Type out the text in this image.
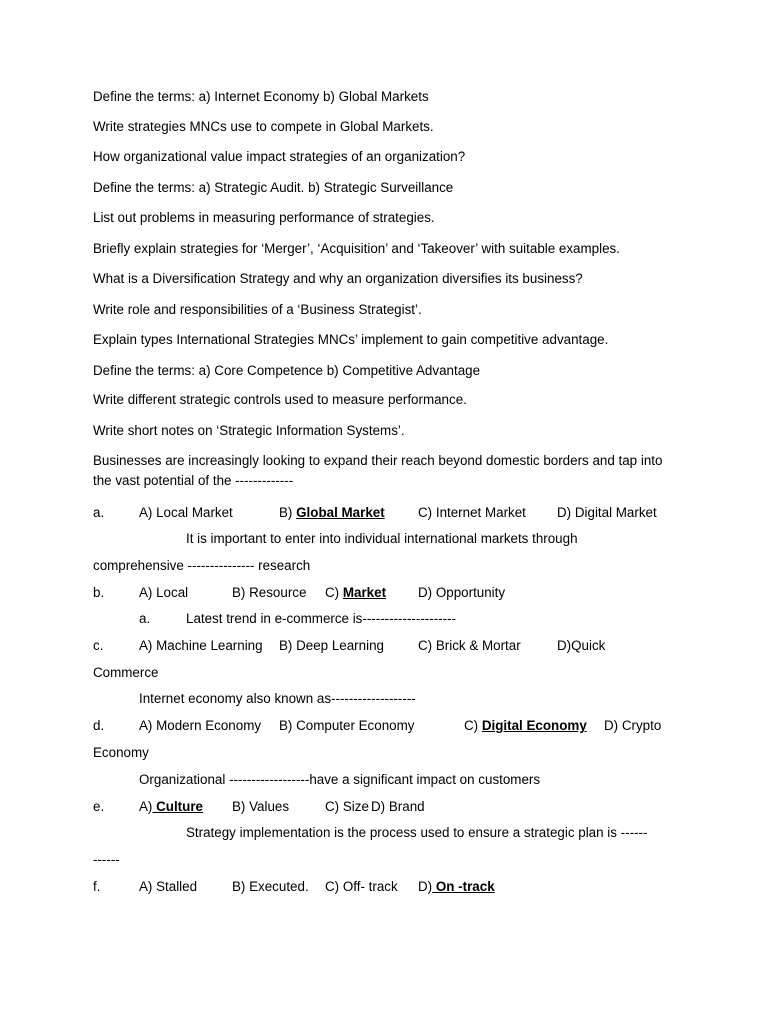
Define the terms: a) Internet Economy b) Global Markets
Write strategies MNCs use to compete in Global Markets.
How organizational value impact strategies of an organization?
Define the terms: a) Strategic Audit. b) Strategic Surveillance
List out problems in measuring performance of strategies.
Briefly explain strategies for ‘Merger’, ‘Acquisition’ and ‘Takeover’ with suitable examples.
What is a Diversification Strategy and why an organization diversifies its business?
Write role and responsibilities of a ‘Business Strategist’.
Explain types International Strategies MNCs’ implement to gain competitive advantage.
Define the terms: a) Core Competence b) Competitive Advantage
Write different strategic controls used to measure performance.
Write short notes on ‘Strategic Information Systems’.
Businesses are increasingly looking to expand their reach beyond domestic borders and tap into the vast potential of the -------------
a.	A) Local Market	B) Global Market C) Internet Market D) Digital Market
It is important to enter into individual international markets through
comprehensive --------------- research
b.	A) Local	B) Resource C) Market D) Opportunity
a.	Latest trend in e-commerce is---------------------
c.	A) Machine Learning B) Deep Learning	C) Brick & Mortar	D)Quick
Commerce
Internet economy also known as-------------------
d.	A) Modern Economy B) Computer Economy	C) Digital Economy D) Crypto
Economy
Organizational ------------------have a significant impact on customers
e.	A) Culture B) Values	C) Size D) Brand
Strategy implementation is the process used to ensure a strategic plan is ------
------
f.	A) Stalled	B) Executed. C) Off- track D) On -track
